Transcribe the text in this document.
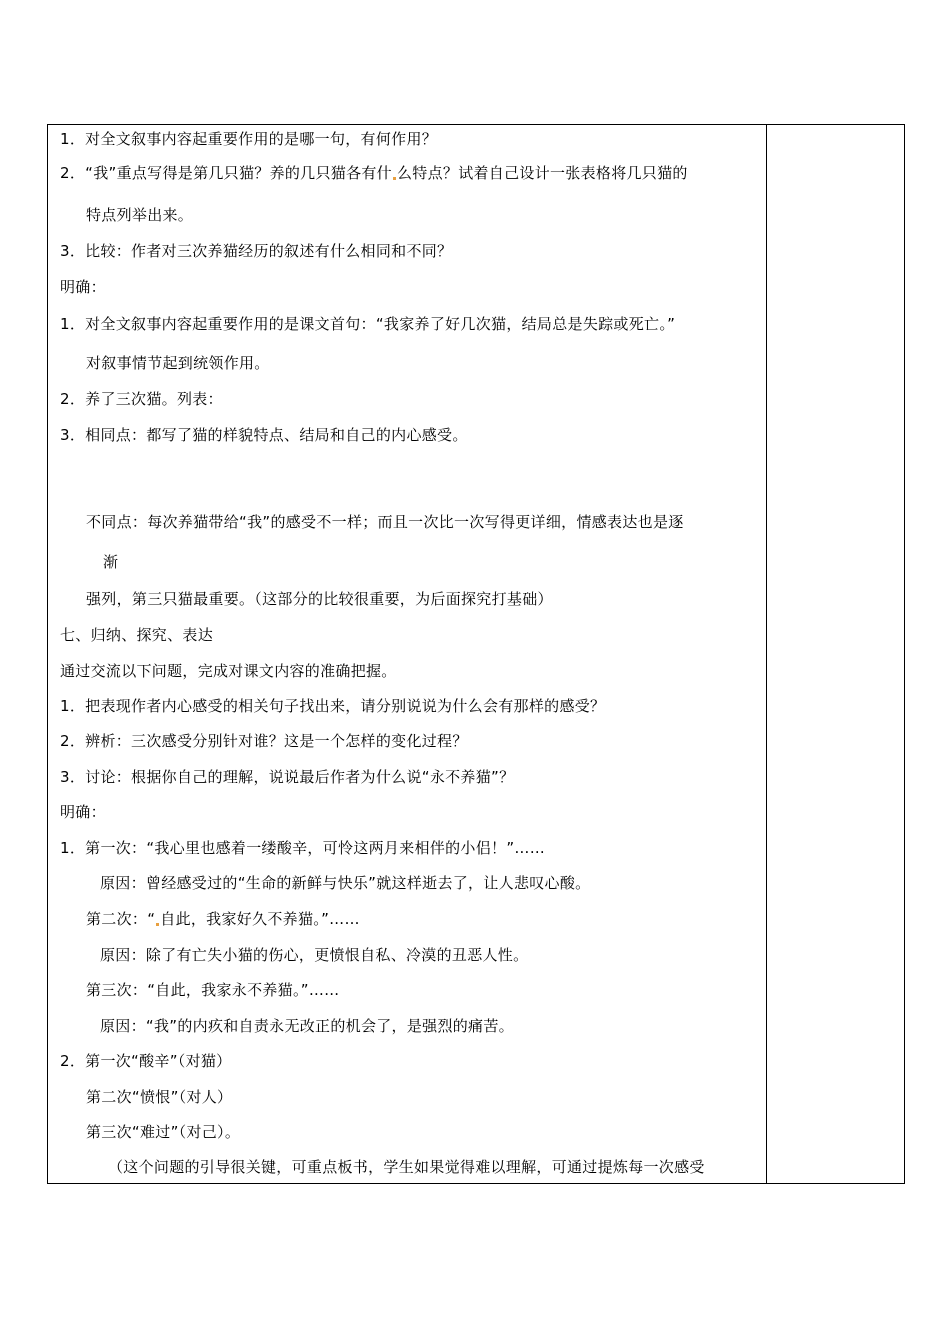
1．对全文叙事内容起重要作用的是哪一句，有何作用？
2．“我”重点写得是第几只猫？养的几只猫各有什 么特点？试着自己设计一张表格将几只猫的
特点列举出来。
3．比较：作者对三次养猫经历的叙述有什么相同和不同？
明确：
1．对全文叙事内容起重要作用的是课文首句：“我家养了好几次猫，结局总是失踪或死亡。”
对叙事情节起到统领作用。
2．养了三次猫。列表：
3．相同点：都写了猫的样貌特点、结局和自己的内心感受。
不同点：每次养猫带给“我”的感受不一样；而且一次比一次写得更详细，情感表达也是逐
渐
强列，第三只猫最重要。（这部分的比较很重要，为后面探究打基础）
七、归纳、探究、表达
通过交流以下问题，完成对课文内容的准确把握。
1．把表现作者内心感受的相关句子找出来，请分别说说为什么会有那样的感受？
2．辨析：三次感受分别针对谁？这是一个怎样的变化过程？
3．讨论：根据你自己的理解，说说最后作者为什么说“永不养猫”？
明确：
1．第一次：“我心里也感着一缕酸辛，可怜这两月来相伴的小侣！”……
原因：曾经感受过的“生命的新鲜与快乐”就这样逝去了，让人悲叹心酸。
第二次：“ 自此，我家好久不养猫。”……
原因：除了有亡失小猫的伤心，更愤恨自私、冷漠的丑恶人性。
第三次：“自此，我家永不养猫。”……
原因：“我”的内疚和自责永无改正的机会了，是强烈的痛苦。
2．第一次“酸辛”（对猫）
第二次“愤恨”（对人）
第三次“难过”（对己）。
（这个问题的引导很关键，可重点板书，学生如果觉得难以理解，可通过提炼每一次感受
